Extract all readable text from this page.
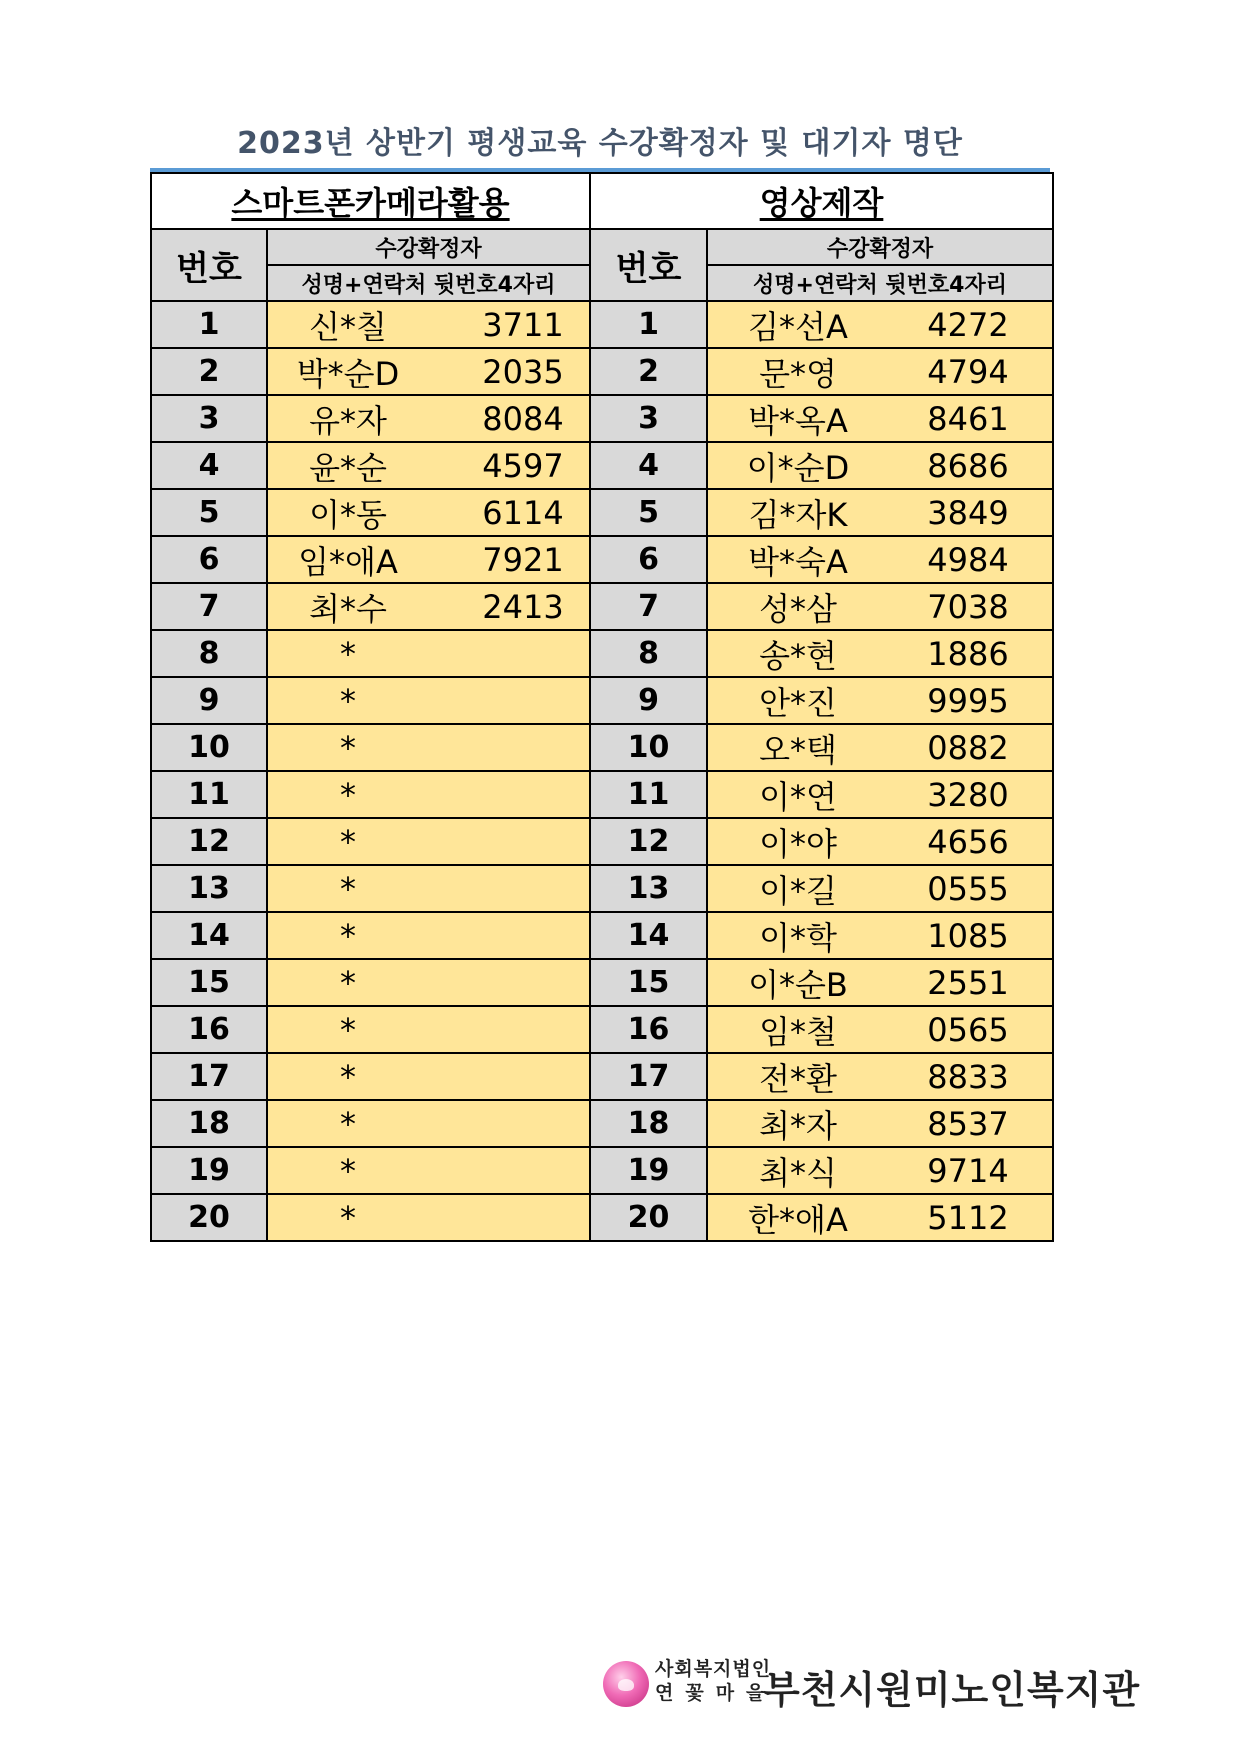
2023년 상반기 평생교육 수강확정자 및 대기자 명단
스마트폰카메라활용		영상제작	
번호	수강확정자	번호	수강확정자
	성명+연락처 뒷번호4자리		성명+연락처 뒷번호4자리
1	신*칠 3711	1	김*선A 4272

2	박*순D 2035	2	문*영 4794

3	유*자 8084	3	박*옥A 8461

4	윤*순 4597	4	이*순D 8686

5	이*동 6114	5	김*자K 3849

6	임*애A 7921	6	박*숙A 4984

7	최*수 2413	7	성*삼 7038

8	*	8	송*현 1886

9	*	9	안*진 9995

10	*	10	오*택 0882

11	*	11	이*연 3280

12	*	12	이*야 4656

13	*	13	이*길 0555

14	*	14	이*학 1085

15	*	15	이*순B 2551

16	*	16	임*철 0565

17	*	17	전*환 8833

18	*	18	최*자 8537

19	*	19	최*식 9714

20	*	20	한*애A 5112
사회복지법인
연꽃마을
부천시원미노인복지관
